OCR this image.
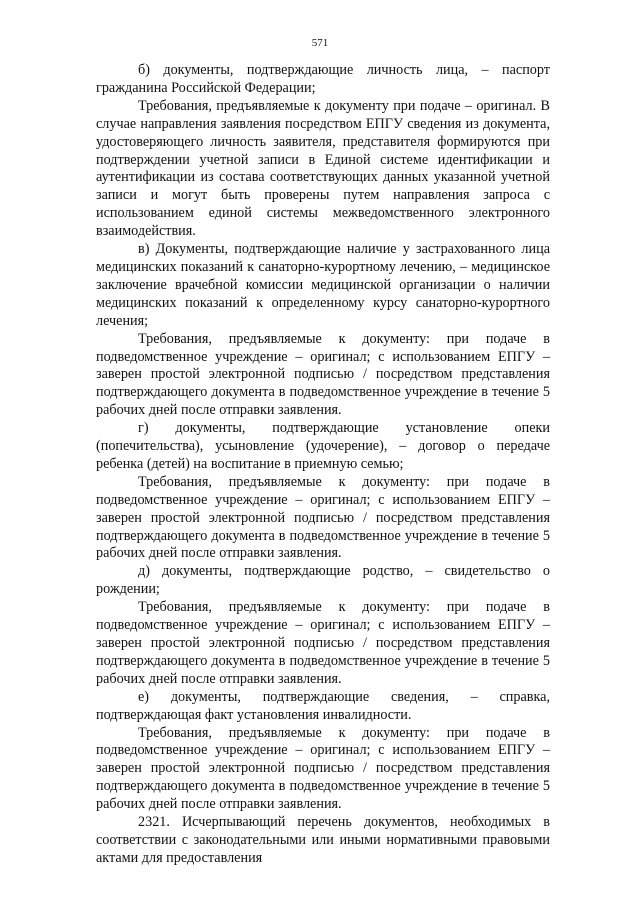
571

б) документы, подтверждающие личность лица, – паспорт гражданина Российской Федерации;

Требования, предъявляемые к документу при подаче – оригинал. В случае направления заявления посредством ЕПГУ сведения из документа, удостоверяющего личность заявителя, представителя формируются при подтверждении учетной записи в Единой системе идентификации и аутентификации из состава соответствующих данных указанной учетной записи и могут быть проверены путем направления запроса с использованием единой системы межведомственного электронного взаимодействия.

в) Документы, подтверждающие наличие у застрахованного лица медицинских показаний к санаторно-курортному лечению, – медицинское заключение врачебной комиссии медицинской организации о наличии медицинских показаний к определенному курсу санаторно-курортного лечения;

Требования, предъявляемые к документу: при подаче в подведомственное учреждение – оригинал; с использованием ЕПГУ – заверен простой электронной подписью / посредством представления подтверждающего документа в подведомственное учреждение в течение 5 рабочих дней после отправки заявления.

г) документы, подтверждающие установление опеки (попечительства), усыновление (удочерение), – договор о передаче ребенка (детей) на воспитание в приемную семью;

Требования, предъявляемые к документу: при подаче в подведомственное учреждение – оригинал; с использованием ЕПГУ – заверен простой электронной подписью / посредством представления подтверждающего документа в подведомственное учреждение в течение 5 рабочих дней после отправки заявления.

д) документы, подтверждающие родство, – свидетельство о рождении;

Требования, предъявляемые к документу: при подаче в подведомственное учреждение – оригинал; с использованием ЕПГУ – заверен простой электронной подписью / посредством представления подтверждающего документа в подведомственное учреждение в течение 5 рабочих дней после отправки заявления.

е) документы, подтверждающие сведения, – справка, подтверждающая факт установления инвалидности.

Требования, предъявляемые к документу: при подаче в подведомственное учреждение – оригинал; с использованием ЕПГУ – заверен простой электронной подписью / посредством представления подтверждающего документа в подведомственное учреждение в течение 5 рабочих дней после отправки заявления.

2321. Исчерпывающий перечень документов, необходимых в соответствии с законодательными или иными нормативными правовыми актами для предоставления
